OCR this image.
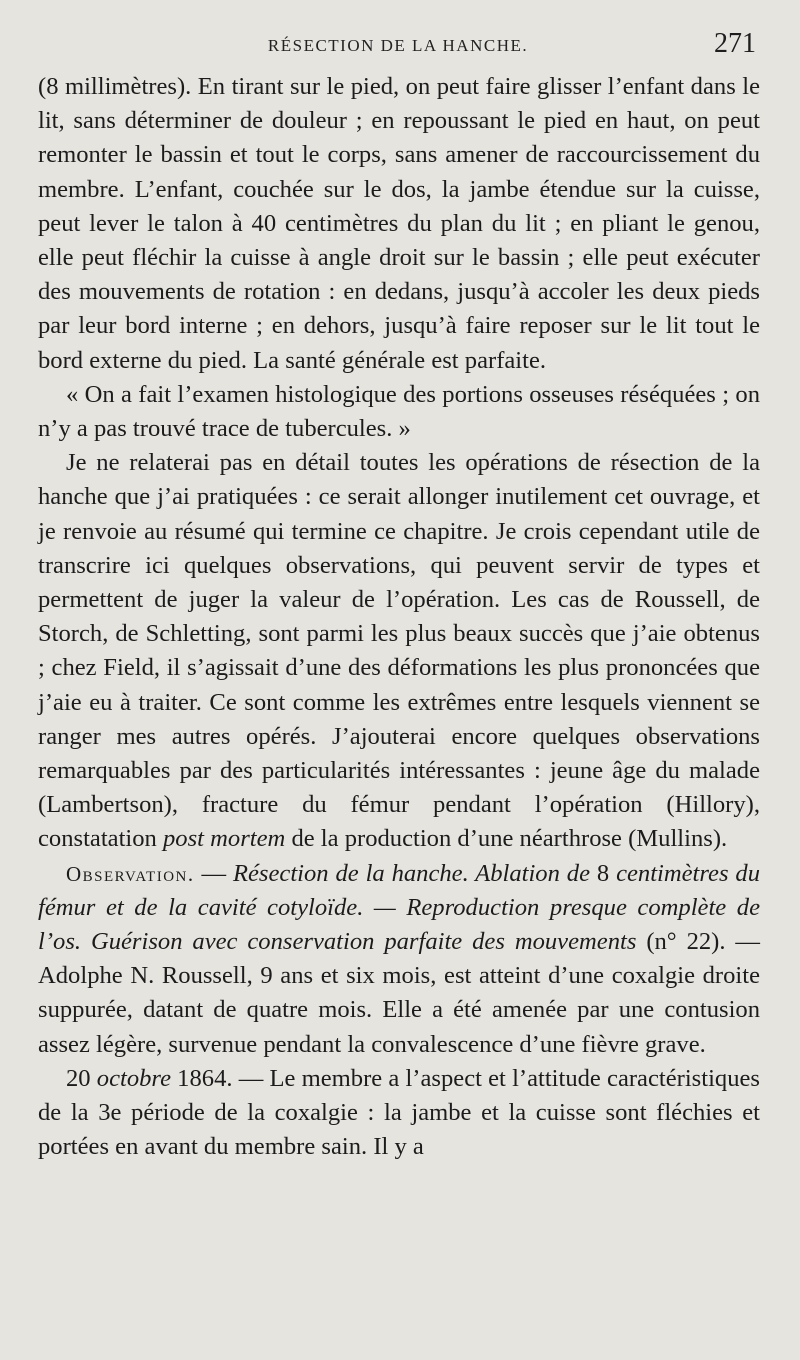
RÉSECTION DE LA HANCHE.	271

(8 millimètres). En tirant sur le pied, on peut faire glisser l’enfant dans le lit, sans déterminer de douleur ; en repoussant le pied en haut, on peut remonter le bassin et tout le corps, sans amener de raccourcissement du membre. L’enfant, couchée sur le dos, la jambe étendue sur la cuisse, peut lever le talon à 40 centimètres du plan du lit ; en pliant le genou, elle peut fléchir la cuisse à angle droit sur le bassin ; elle peut exécuter des mouvements de rotation : en dedans, jusqu’à accoler les deux pieds par leur bord interne ; en dehors, jusqu’à faire reposer sur le lit tout le bord externe du pied. La santé générale est parfaite.

« On a fait l’examen histologique des portions osseuses réséquées ; on n’y a pas trouvé trace de tubercules. »

Je ne relaterai pas en détail toutes les opérations de résection de la hanche que j’ai pratiquées : ce serait allonger inutilement cet ouvrage, et je renvoie au résumé qui termine ce chapitre. Je crois cependant utile de transcrire ici quelques observations, qui peuvent servir de types et permettent de juger la valeur de l’opération. Les cas de Roussell, de Storch, de Schletting, sont parmi les plus beaux succès que j’aie obtenus ; chez Field, il s’agissait d’une des déformations les plus prononcées que j’aie eu à traiter. Ce sont comme les extrêmes entre lesquels viennent se ranger mes autres opérés. J’ajouterai encore quelques observations remarquables par des particularités intéressantes : jeune âge du malade (Lambertson), fracture du fémur pendant l’opération (Hillory), constatation post mortem de la production d’une néarthrose (Mullins).

Observation. — Résection de la hanche. Ablation de 8 centimètres du fémur et de la cavité cotyloïde. — Reproduction presque complète de l’os. Guérison avec conservation parfaite des mouvements (n° 22). — Adolphe N. Roussell, 9 ans et six mois, est atteint d’une coxalgie droite suppurée, datant de quatre mois. Elle a été amenée par une contusion assez légère, survenue pendant la convalescence d’une fièvre grave.

20 octobre 1864. — Le membre a l’aspect et l’attitude caractéristiques de la 3e période de la coxalgie : la jambe et la cuisse sont fléchies et portées en avant du membre sain. Il y a
